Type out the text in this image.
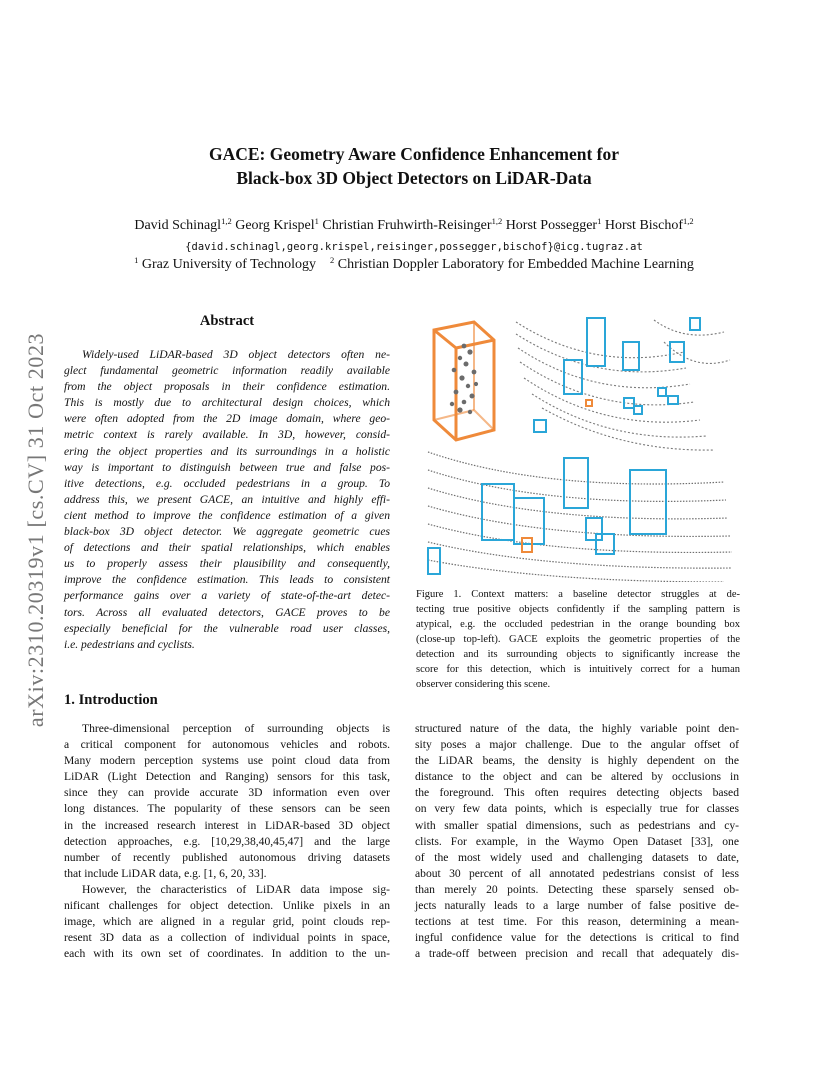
arXiv:2310.20319v1 [cs.CV] 31 Oct 2023
GACE: Geometry Aware Confidence Enhancement for
Black-box 3D Object Detectors on LiDAR-Data
David Schinagl$^{1,2}$ Georg Krispel$^1$ Christian Fruhwirth-Reisinger$^{1,2}$ Horst Possegger$^1$ Horst Bischof$^{1,2}$
{david.schinagl,georg.krispel,reisinger,possegger,bischof}@icg.tugraz.at
$^1$ Graz University of Technology $^2$ Christian Doppler Laboratory for Embedded Machine Learning
Abstract
Widely-used LiDAR-based 3D object detectors often ne-
glect fundamental geometric information readily available
from the object proposals in their confidence estimation.
This is mostly due to architectural design choices, which
were often adopted from the 2D image domain, where geo-
metric context is rarely available. In 3D, however, consid-
ering the object properties and its surroundings in a holistic
way is important to distinguish between true and false pos-
itive detections, e.g. occluded pedestrians in a group. To
address this, we present GACE, an intuitive and highly effi-
cient method to improve the confidence estimation of a given
black-box 3D object detector. We aggregate geometric cues
of detections and their spatial relationships, which enables
us to properly assess their plausibility and consequently,
improve the confidence estimation. This leads to consistent
performance gains over a variety of state-of-the-art detec-
tors. Across all evaluated detectors, GACE proves to be
especially beneficial for the vulnerable road user classes,
i.e. pedestrians and cyclists.
1. Introduction
Three-dimensional perception of surrounding objects is
a critical component for autonomous vehicles and robots.
Many modern perception systems use point cloud data from
LiDAR (Light Detection and Ranging) sensors for this task,
since they can provide accurate 3D information even over
long distances. The popularity of these sensors can be seen
in the increased research interest in LiDAR-based 3D object
detection approaches, e.g. [10,29,38,40,45,47] and the large
number of recently published autonomous driving datasets
that include LiDAR data, e.g. [1, 6, 20, 33].
However, the characteristics of LiDAR data impose sig-
nificant challenges for object detection. Unlike pixels in an
image, which are aligned in a regular grid, point clouds rep-
resent 3D data as a collection of individual points in space,
each with its own set of coordinates. In addition to the un-
structured nature of the data, the highly variable point den-
sity poses a major challenge. Due to the angular offset of
the LiDAR beams, the density is highly dependent on the
distance to the object and can be altered by occlusions in
the foreground. This often requires detecting objects based
on very few data points, which is especially true for classes
with smaller spatial dimensions, such as pedestrians and cy-
clists. For example, in the Waymo Open Dataset [33], one
of the most widely used and challenging datasets to date,
about 30 percent of all annotated pedestrians consist of less
than merely 20 points. Detecting these sparsely sensed ob-
jects naturally leads to a large number of false positive de-
tections at test time. For this reason, determining a mean-
ingful confidence value for the detections is critical to find
a trade-off between precision and recall that adequately dis-
Figure 1. Context matters: a baseline detector struggles at de-
tecting true positive objects confidently if the sampling pattern is
atypical, e.g. the occluded pedestrian in the orange bounding box
(close-up top-left). GACE exploits the geometric properties of the
detection and its surrounding objects to significantly increase the
score for this detection, which is intuitively correct for a human
observer considering this scene.
